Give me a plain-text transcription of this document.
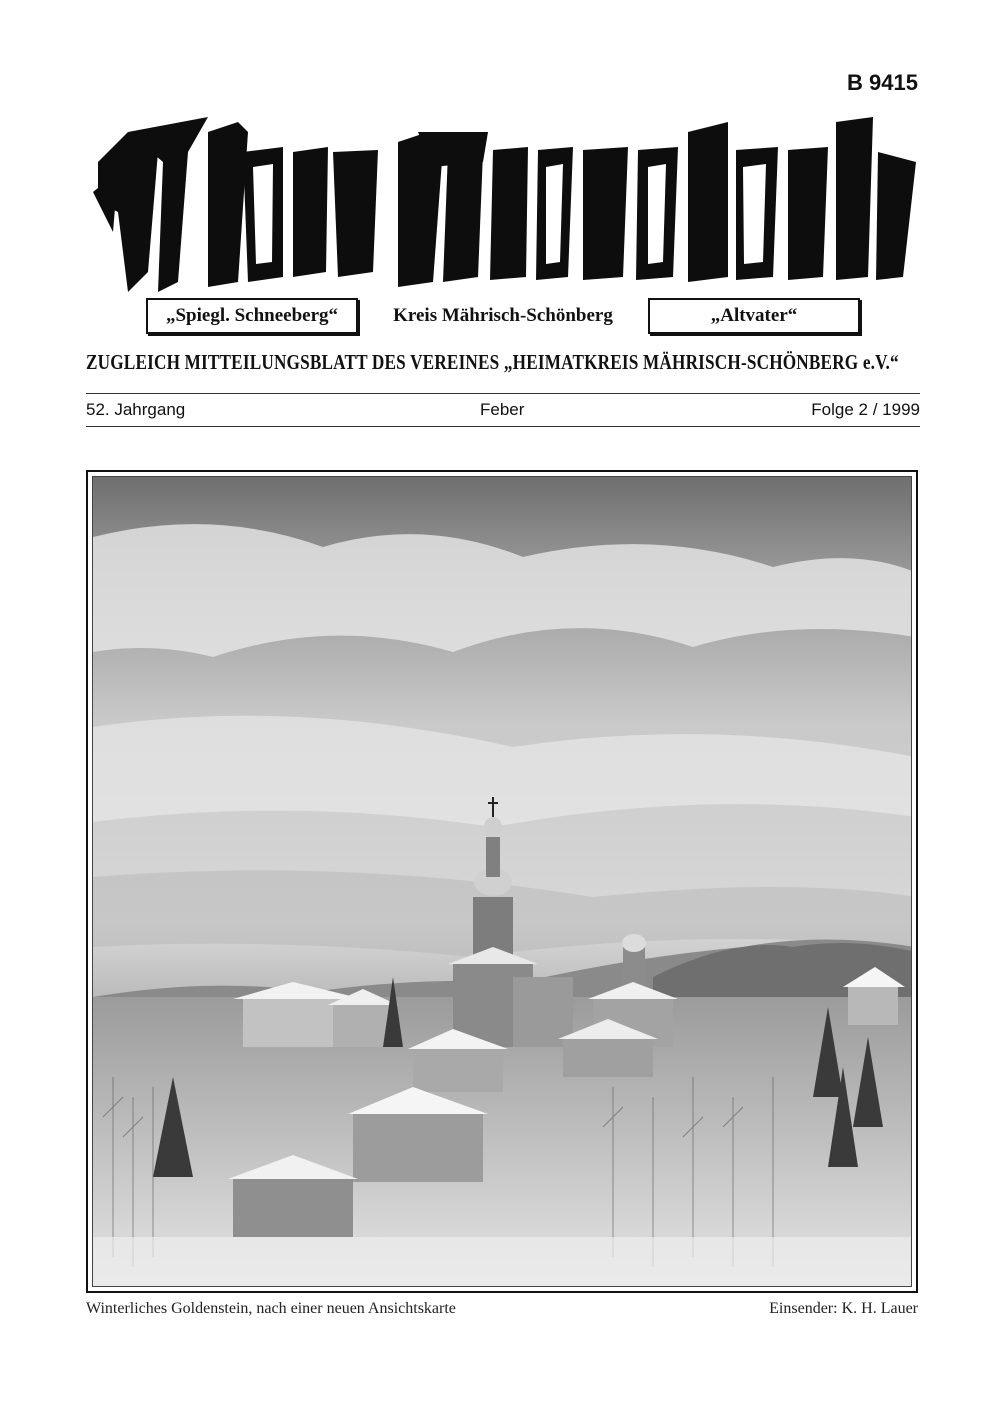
B 9415
Mein Heimatbote
„Spiegl. Schneeberg“	Kreis Mährisch-Schönberg	„Altvater“
ZUGLEICH MITTEILUNGSBLATT DES VEREINES „HEIMATKREIS MÄHRISCH-SCHÖNBERG e.V.“
52. Jahrgang	Feber	Folge 2 / 1999
Winterliches Goldenstein, nach einer neuen Ansichtskarte	Einsender: K. H. Lauer
